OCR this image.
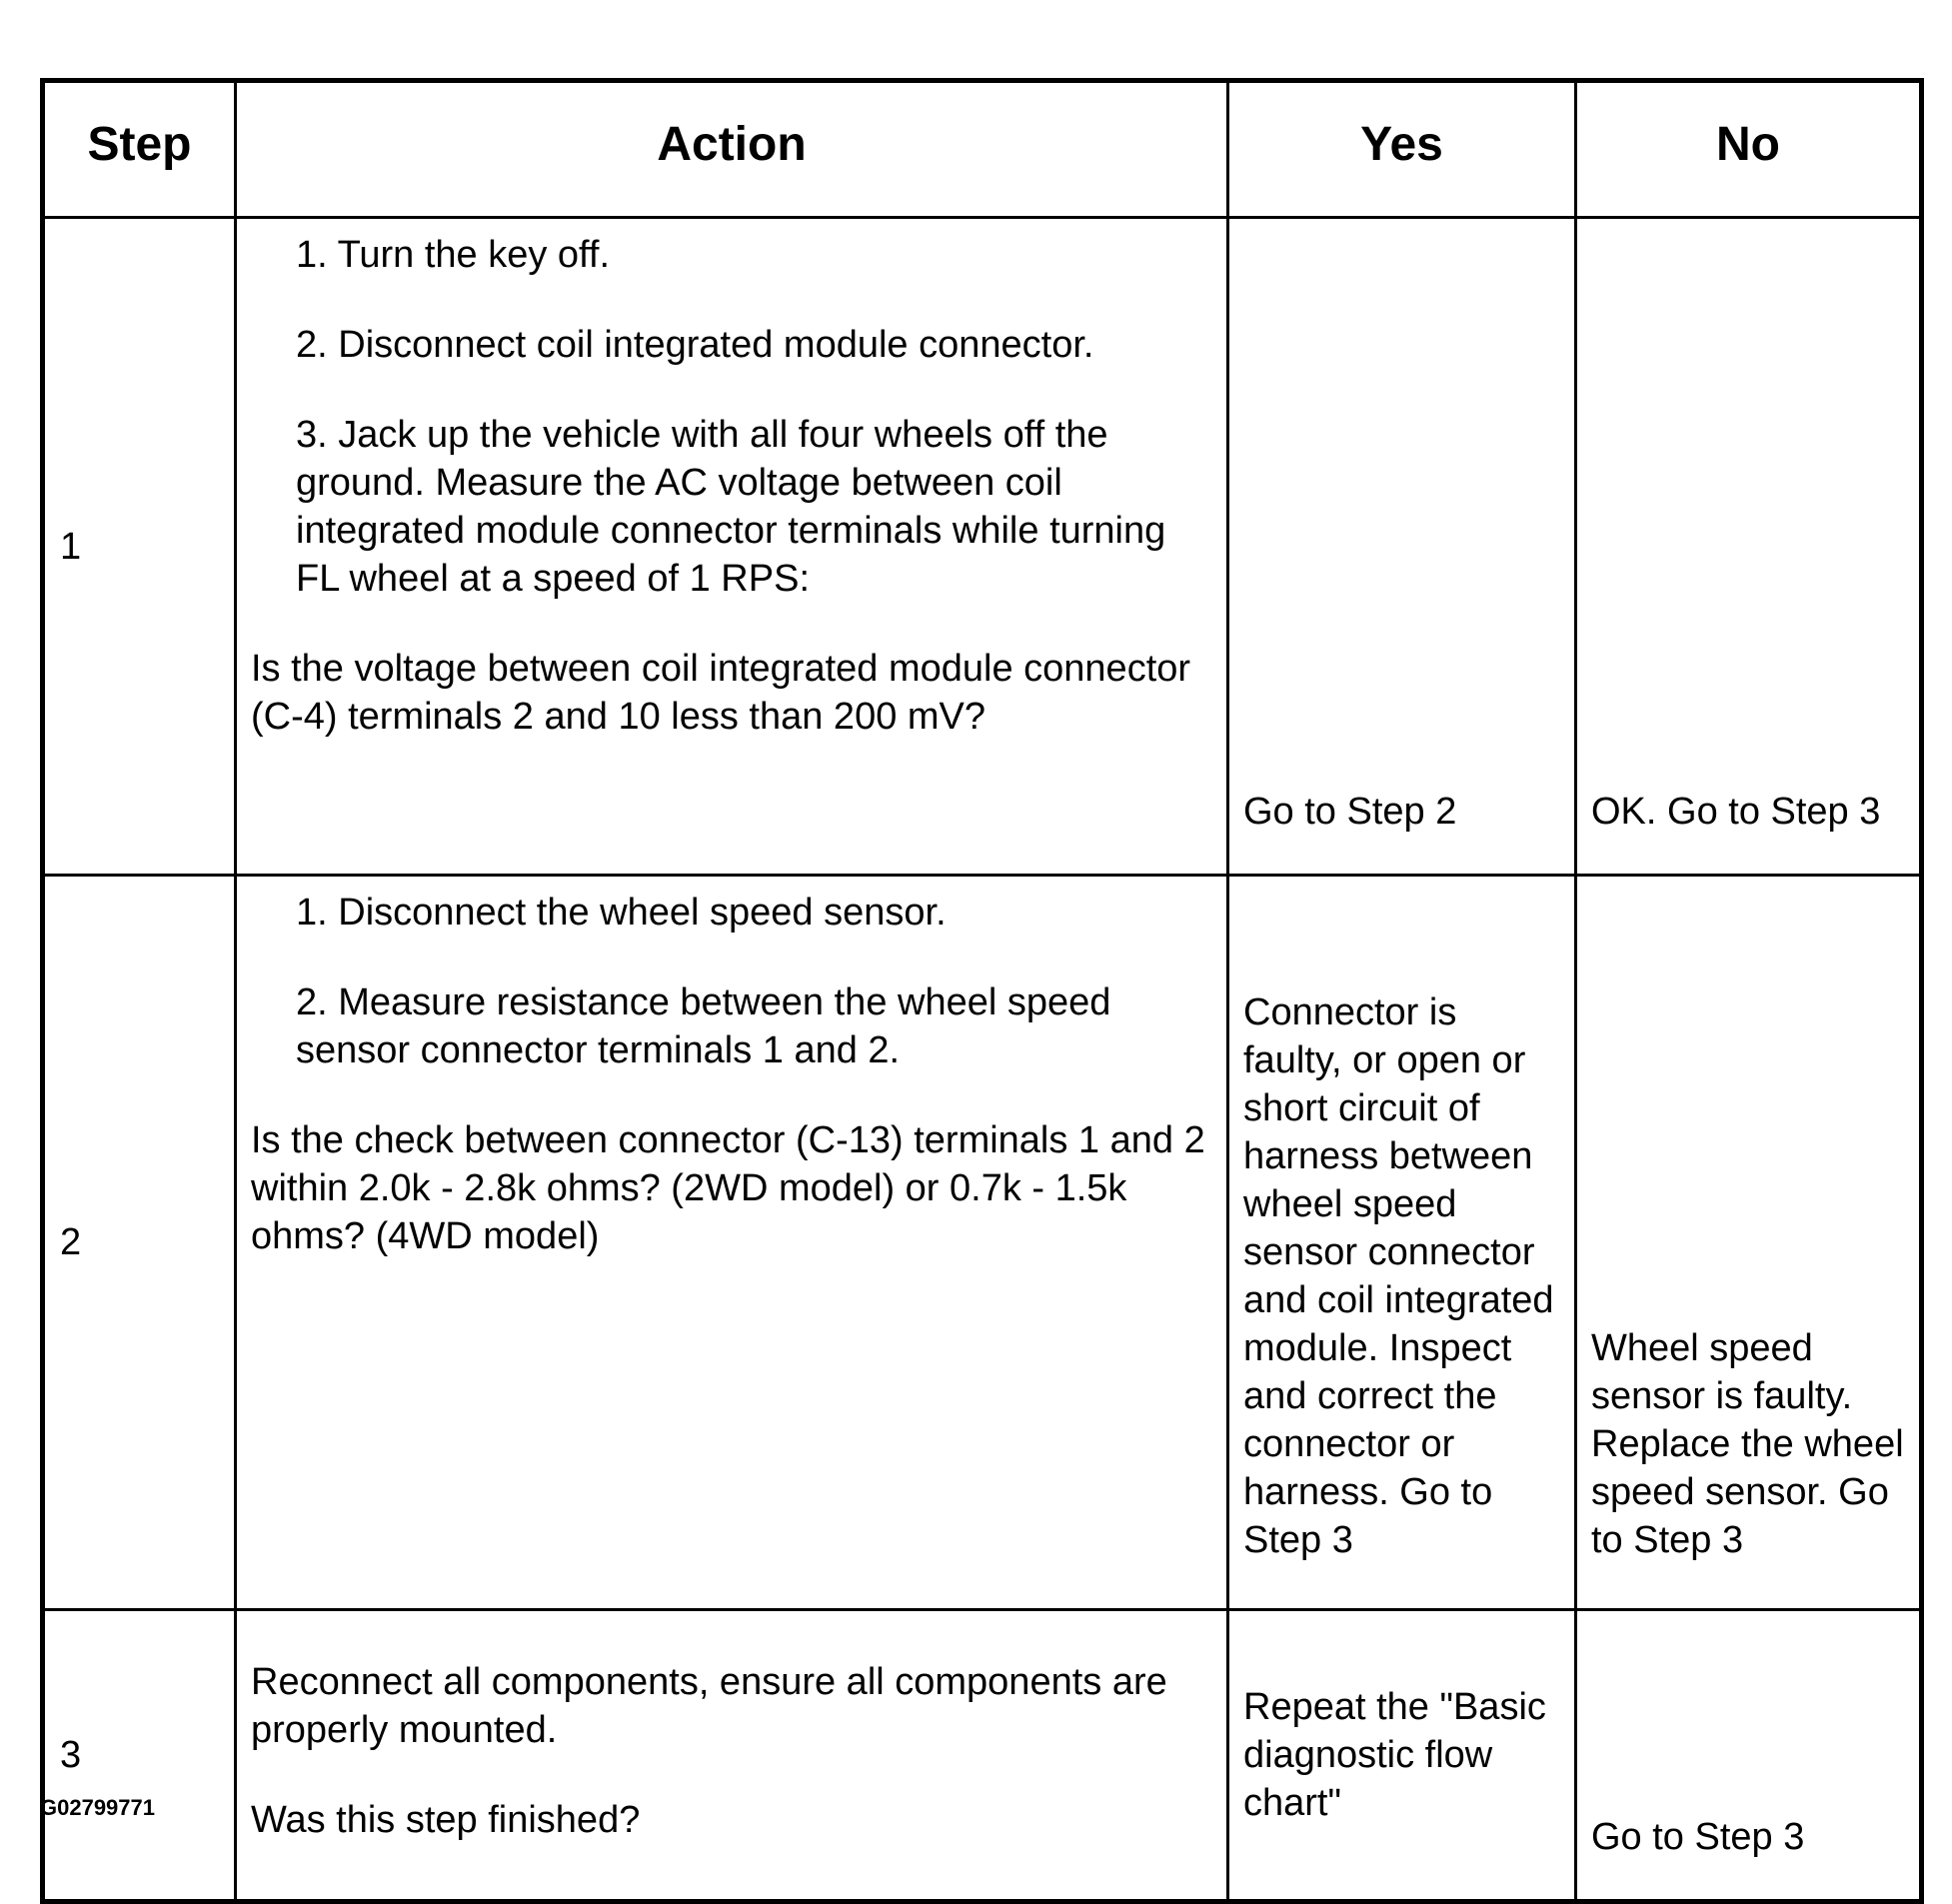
Step	Action	Yes	No
1	1. Turn the key off.

2. Disconnect coil integrated module connector.

3. Jack up the vehicle with all four wheels off the ground. Measure the AC voltage between coil integrated module connector terminals while turning FL wheel at a speed of 1 RPS:

Is the voltage between coil integrated module connector (C-4) terminals 2 and 10 less than 200 mV?	Go to Step 2	OK. Go to Step 3

2	1. Disconnect the wheel speed sensor.

2. Measure resistance between the wheel speed sensor connector terminals 1 and 2.

Is the check between connector (C-13) terminals 1 and 2 within 2.0k - 2.8k ohms? (2WD model) or 0.7k - 1.5k ohms? (4WD model)	Connector is faulty, or open or short circuit of harness between wheel speed sensor connector and coil integrated module. Inspect and correct the connector or harness. Go to Step 3	Wheel speed sensor is faulty. Replace the wheel speed sensor. Go to Step 3

3	Reconnect all components, ensure all components are properly mounted.

Was this step finished?	Repeat the "Basic diagnostic flow chart"	Go to Step 3
G02799771
